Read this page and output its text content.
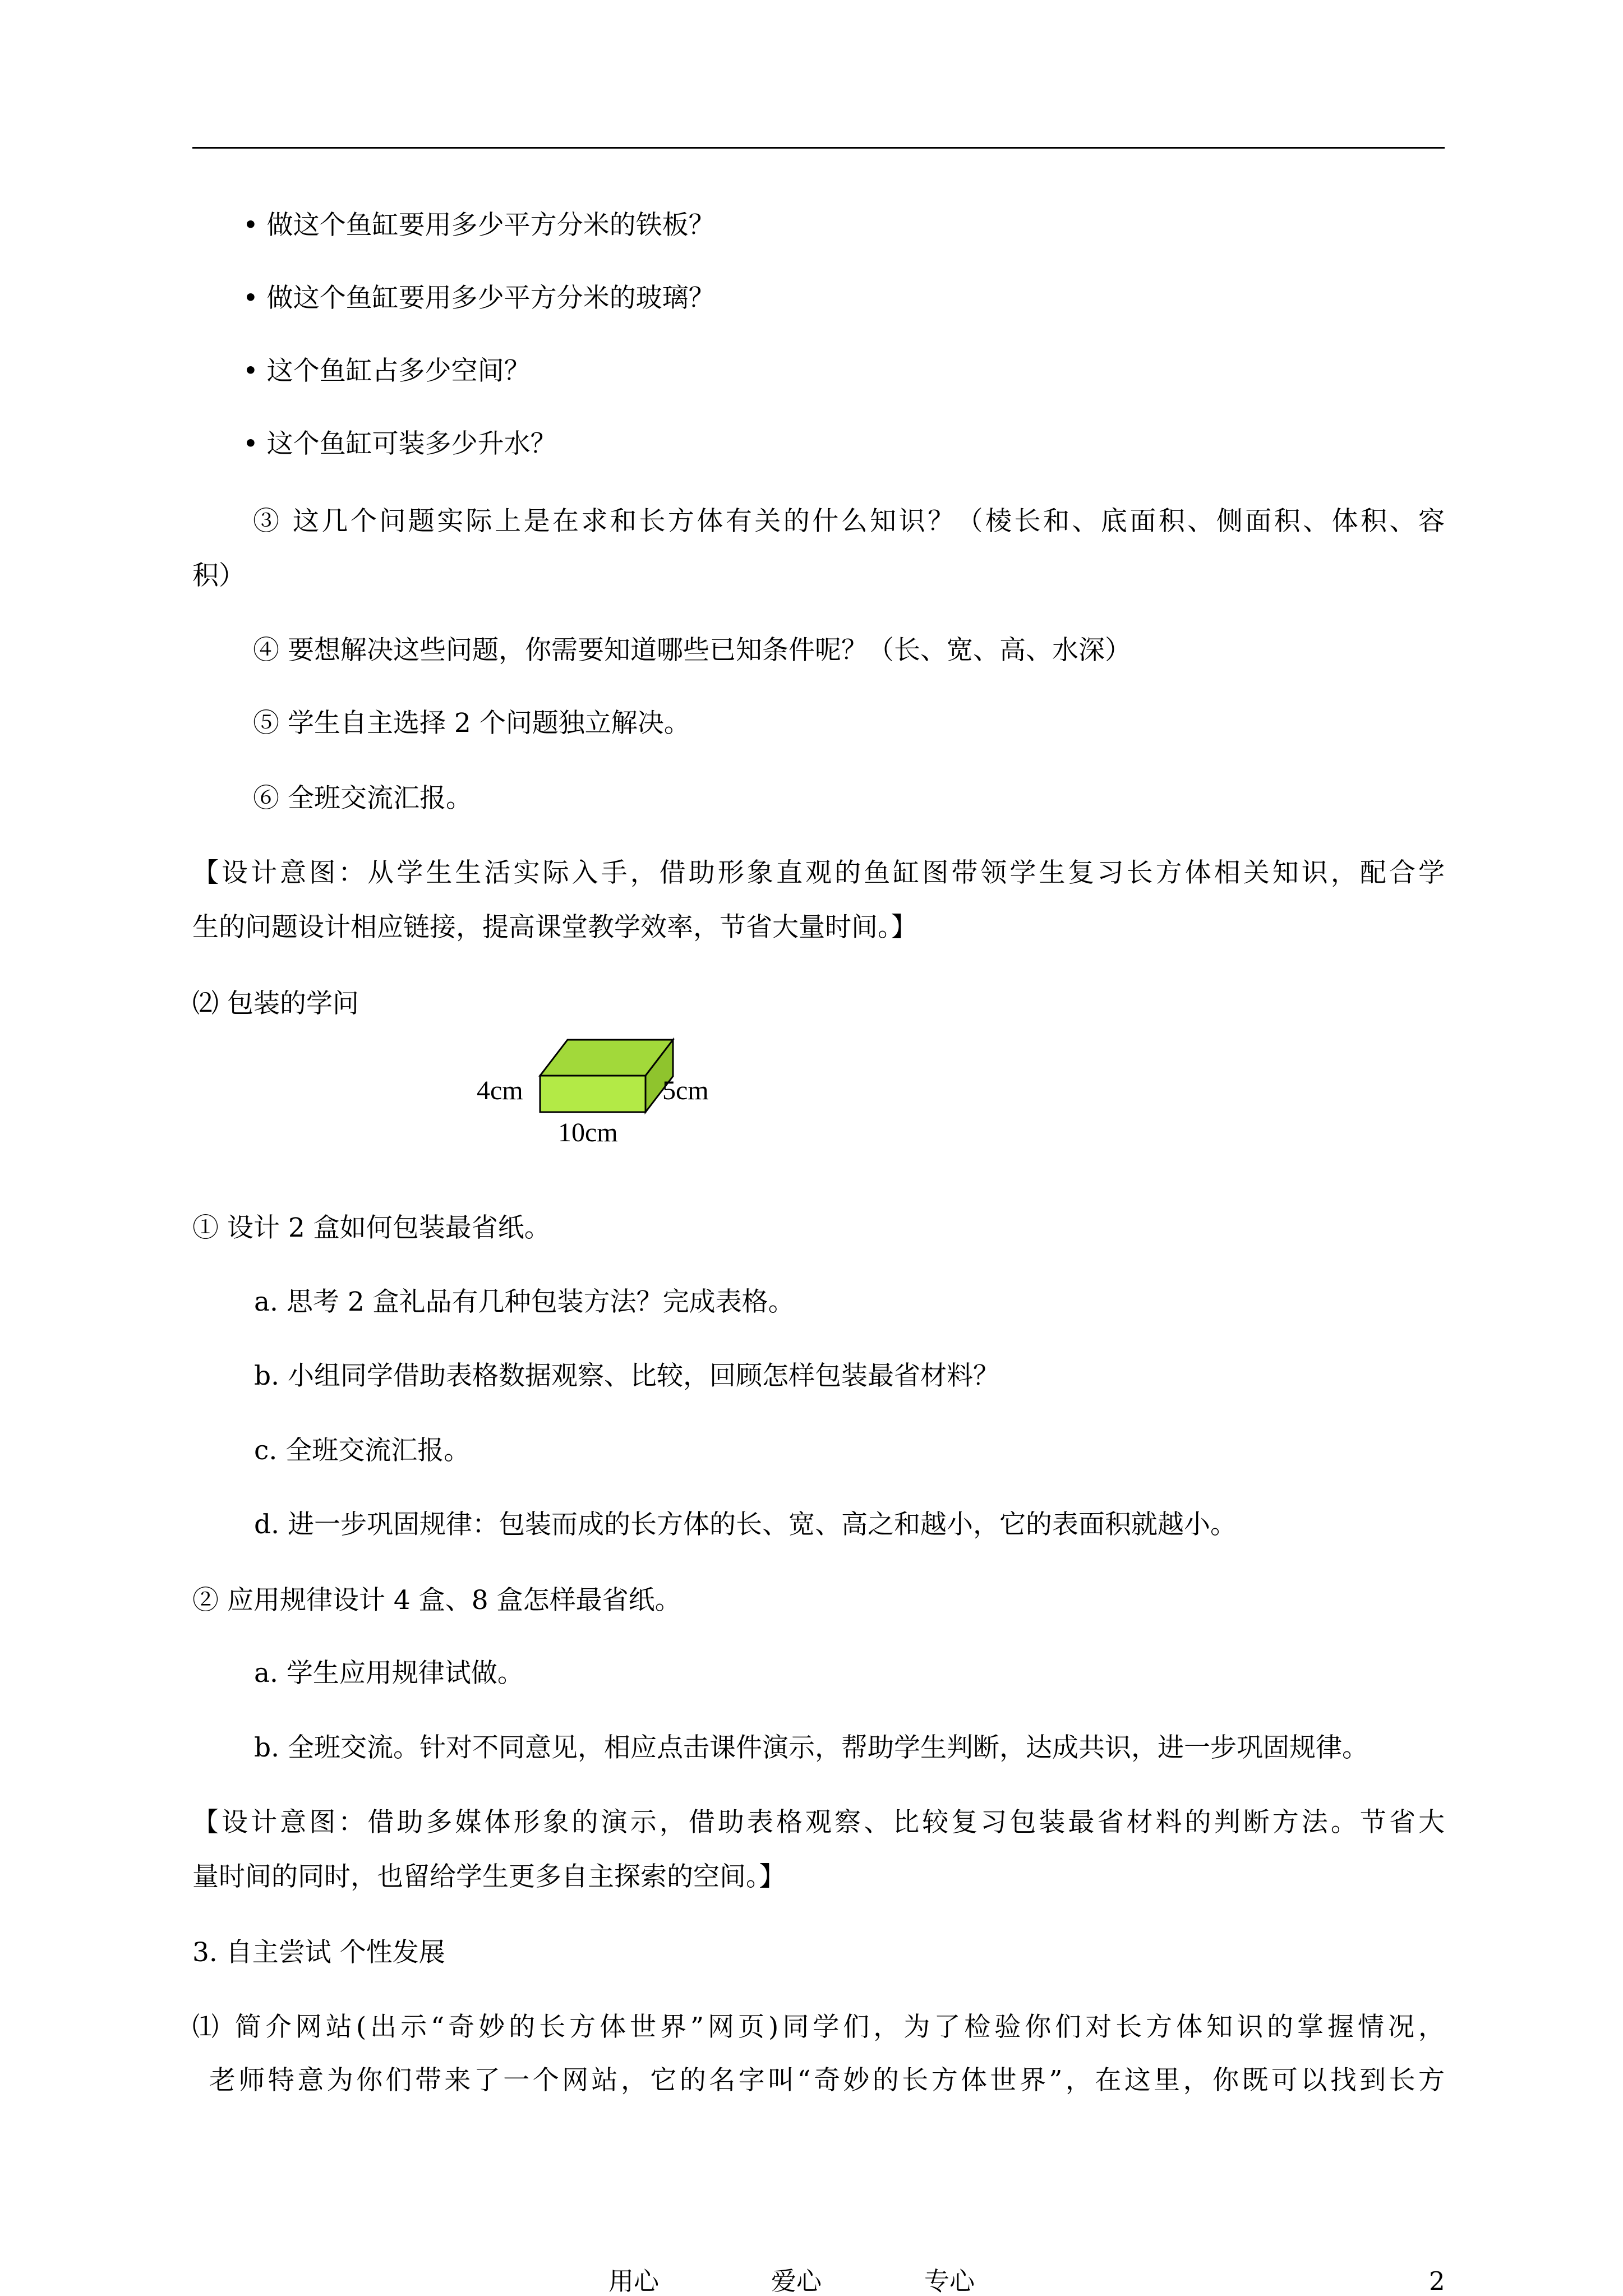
• 做这个鱼缸要用多少平方分米的铁板？
• 做这个鱼缸要用多少平方分米的玻璃？
• 这个鱼缸占多少空间？
• 这个鱼缸可装多少升水？
③ 这几个问题实际上是在求和长方体有关的什么知识？（棱长和、底面积、侧面积、体积、容
积）
④ 要想解决这些问题，你需要知道哪些已知条件呢？（长、宽、高、水深）
⑤ 学生自主选择 2 个问题独立解决。
⑥ 全班交流汇报。
【设计意图：从学生生活实际入手，借助形象直观的鱼缸图带领学生复习长方体相关知识，配合学
生的问题设计相应链接，提高课堂教学效率，节省大量时间。】
⑵ 包装的学问
4cm	5cm
10cm
① 设计 2 盒如何包装最省纸。
a. 思考 2 盒礼品有几种包装方法？完成表格。
b. 小组同学借助表格数据观察、比较，回顾怎样包装最省材料？
c. 全班交流汇报。
d. 进一步巩固规律：包装而成的长方体的长、宽、高之和越小，它的表面积就越小。
② 应用规律设计 4 盒、8 盒怎样最省纸。
a. 学生应用规律试做。
b. 全班交流。针对不同意见，相应点击课件演示，帮助学生判断，达成共识，进一步巩固规律。
【设计意图：借助多媒体形象的演示，借助表格观察、比较复习包装最省材料的判断方法。节省大
量时间的同时，也留给学生更多自主探索的空间。】
3. 自主尝试 个性发展
⑴ 简介网站(出示“奇妙的长方体世界”网页)同学们，为了检验你们对长方体知识的掌握情况，
老师特意为你们带来了一个网站，它的名字叫“奇妙的长方体世界”，在这里，你既可以找到长方
用心	爱心	专心	2
